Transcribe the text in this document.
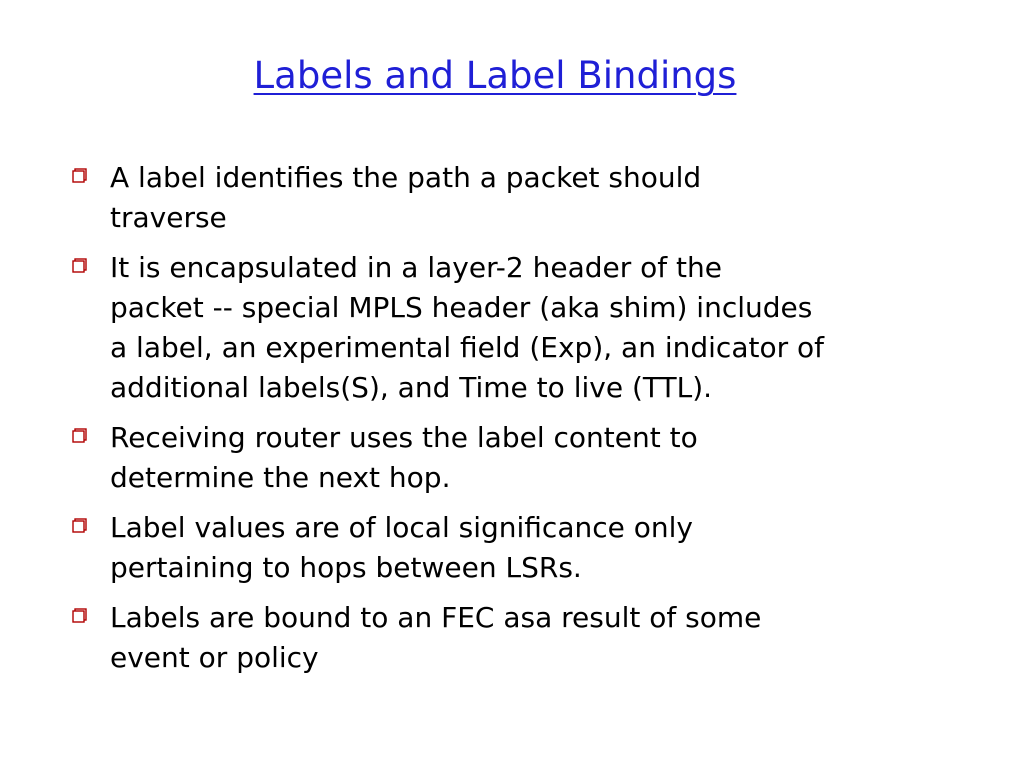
Labels and Label Bindings
A label identifies the path a packet should
traverse
It is encapsulated in a layer-2 header of the
packet -- special MPLS header (aka shim) includes
a label, an experimental field (Exp), an indicator of
additional labels(S), and Time to live (TTL).
Receiving router uses the label content to
determine the next hop.
Label values are of local significance only
pertaining to hops between LSRs.
Labels are bound to an FEC asa result of some
event or policy
